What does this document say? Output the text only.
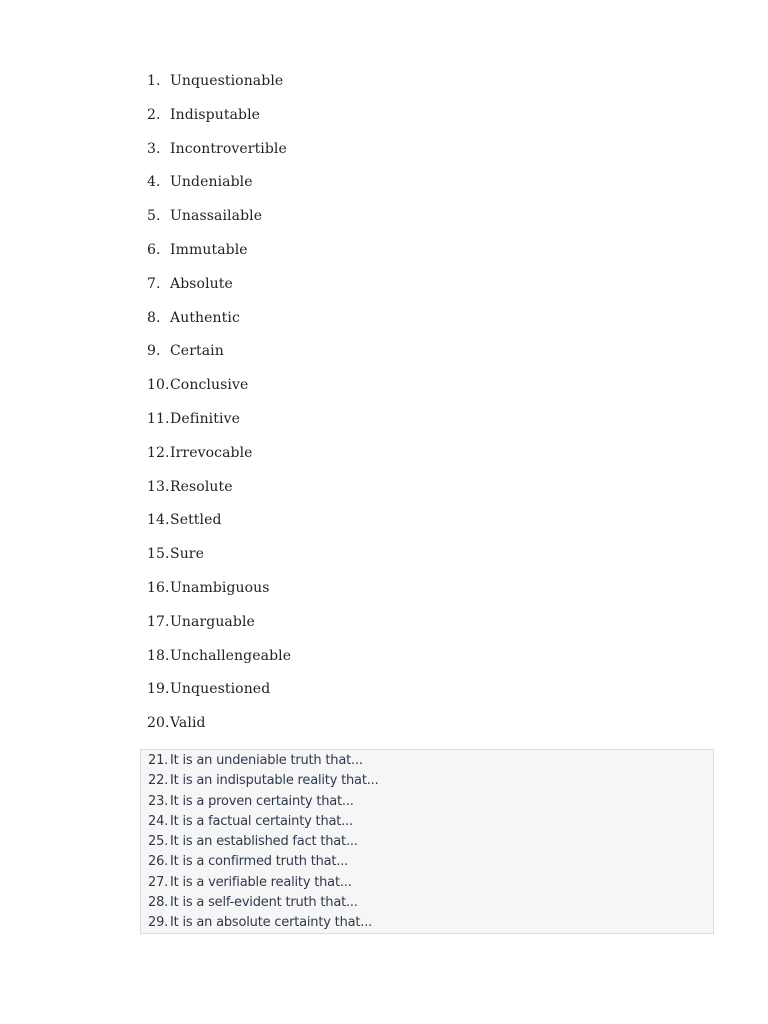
1. Unquestionable
2. Indisputable
3. Incontrovertible
4. Undeniable
5. Unassailable
6. Immutable
7. Absolute
8. Authentic
9. Certain
10. Conclusive
11. Definitive
12. Irrevocable
13. Resolute
14. Settled
15. Sure
16. Unambiguous
17. Unarguable
18. Unchallengeable
19. Unquestioned
20. Valid
21. It is an undeniable truth that...
22. It is an indisputable reality that...
23. It is a proven certainty that...
24. It is a factual certainty that...
25. It is an established fact that...
26. It is a confirmed truth that...
27. It is a verifiable reality that...
28. It is a self-evident truth that...
29. It is an absolute certainty that...
